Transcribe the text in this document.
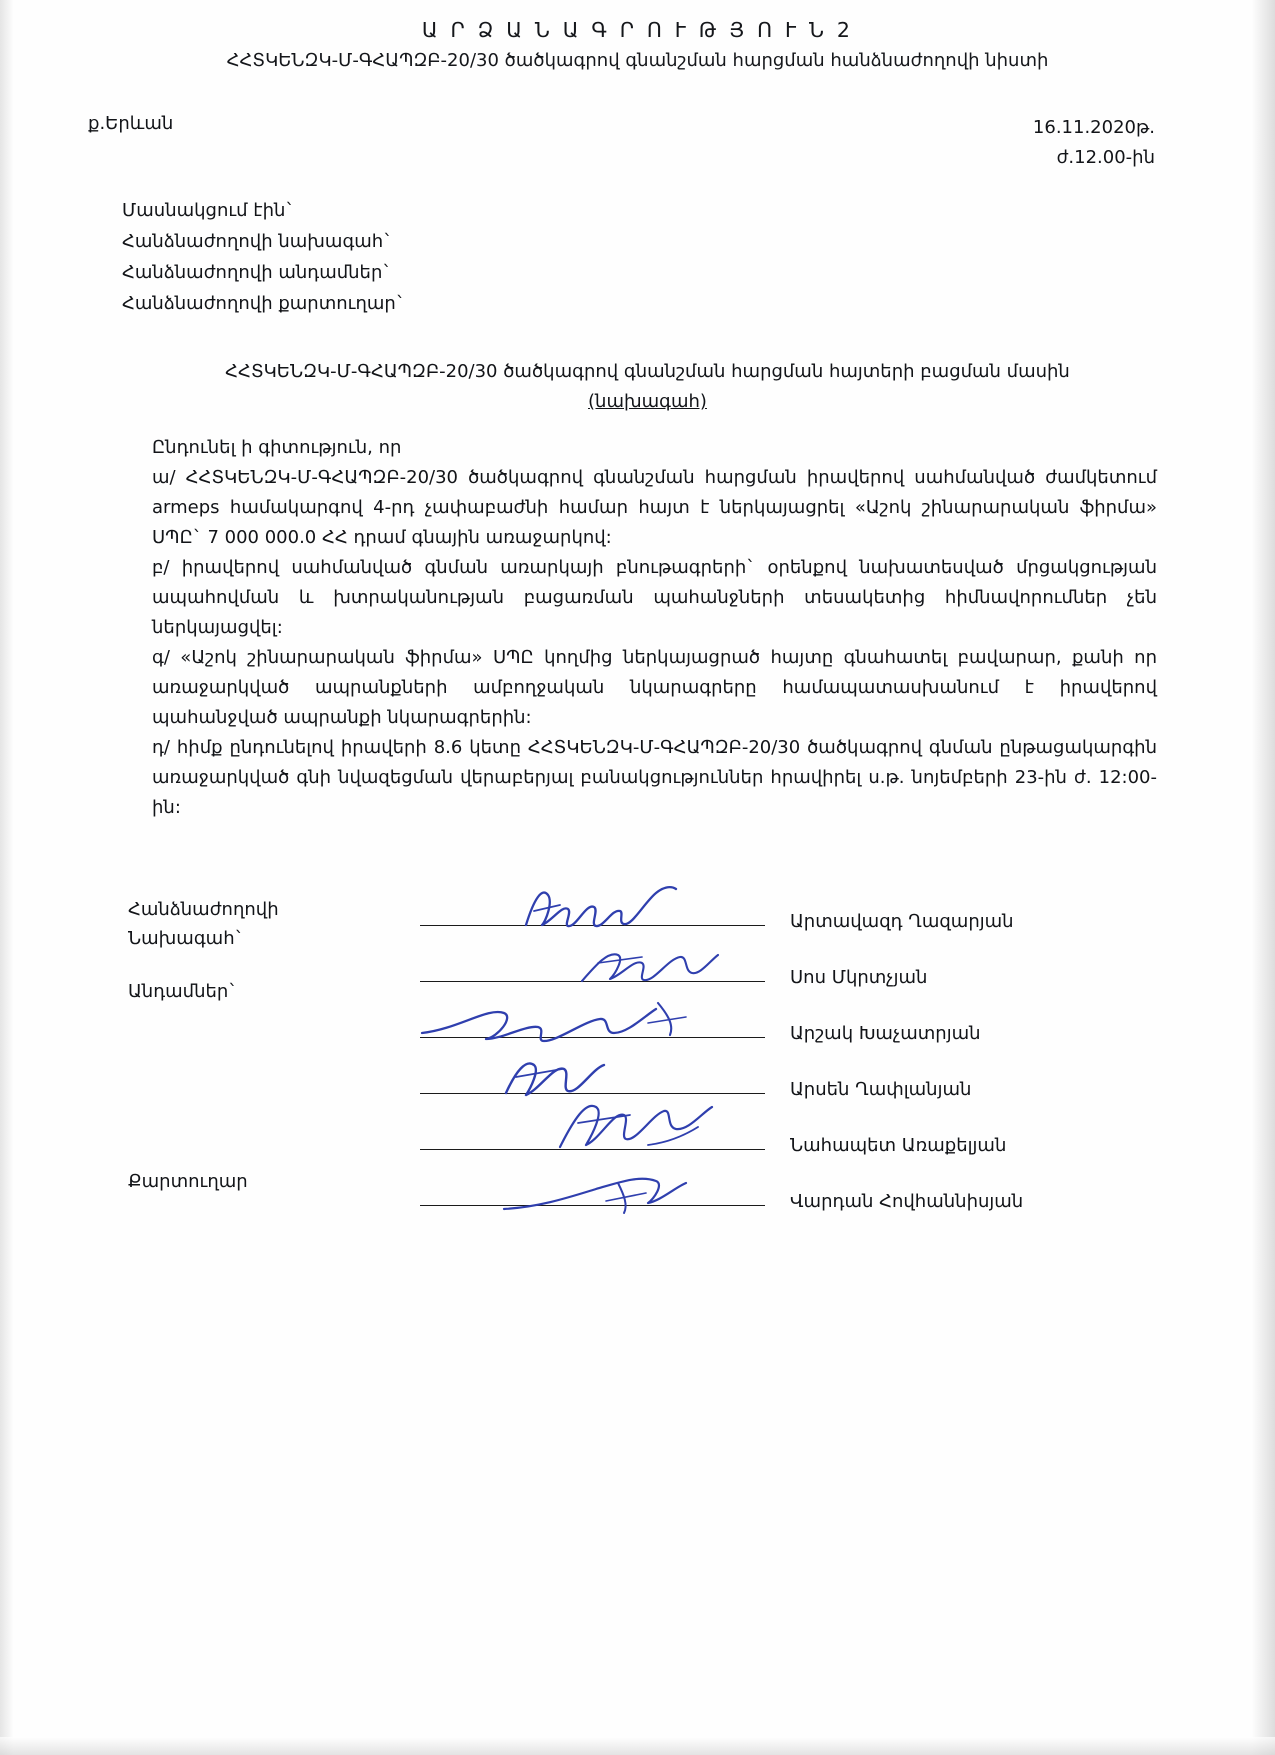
Ա Ր Ձ Ա Ն Ա Գ Ր Ո Ւ Թ Յ Ո Ւ Ն 2
ՀՀՏԿԵՆԶԿ-Մ-ԳՀԱՊԶԲ-20/30 ծածկագրով գնանշման հարցման հանձնաժողովի նիստի
ք.Երևան	16.11.2020թ.
ժ.12.00-ին
Մասնակցում էին`
Հանձնաժողովի նախագահ`
Հանձնաժողովի անդամներ`
Հանձնաժողովի քարտուղար`
ՀՀՏԿԵՆԶԿ-Մ-ԳՀԱՊԶԲ-20/30 ծածկագրով գնանշման հարցման հայտերի բացման մասին
(նախագահ)

Ընդունել ի գիտություն, որ

ա/ ՀՀՏԿԵՆԶԿ-Մ-ԳՀԱՊԶԲ-20/30 ծածկագրով գնանշման հարցման իրավերով սահմանված ժամկետում armeps համակարգով 4-րդ չափաբաժնի համար հայտ է ներկայացրել «Աշոկ շինարարական ֆիրմա» ՍՊԸ` 7 000 000.0 ՀՀ դրամ գնային առաջարկով:

բ/ իրավերով սահմանված գնման առարկայի բնութագրերի` օրենքով նախատեսված մրցակցության ապահովման և խտրականության բացառման պահանջների տեսակետից հիմնավորումներ չեն ներկայացվել:

գ/ «Աշոկ շինարարական ֆիրմա» ՍՊԸ կողմից ներկայացրած հայտը գնահատել բավարար, քանի որ առաջարկված ապրանքների ամբողջական նկարագրերը համապատասխանում է իրավերով պահանջված ապրանքի նկարագրերին:

դ/ հիմք ընդունելով իրավերի 8.6 կետը ՀՀՏԿԵՆԶԿ-Մ-ԳՀԱՊԶԲ-20/30 ծածկագրով գնման ընթացակարգին առաջարկված գնի նվազեցման վերաբերյալ բանակցություններ հրավիրել ս.թ. նոյեմբերի 23-ին ժ. 12:00-ին:

Հանձնաժողովի
Նախագահ`
Անդամներ`
Քարտուղար
Արտավազդ Ղազարյան
Սոս Մկրտչյան
Արշակ Խաչատրյան
Արսեն Ղափլանյան
Նահապետ Առաքելյան
Վարդան Հովհաննիսյան
